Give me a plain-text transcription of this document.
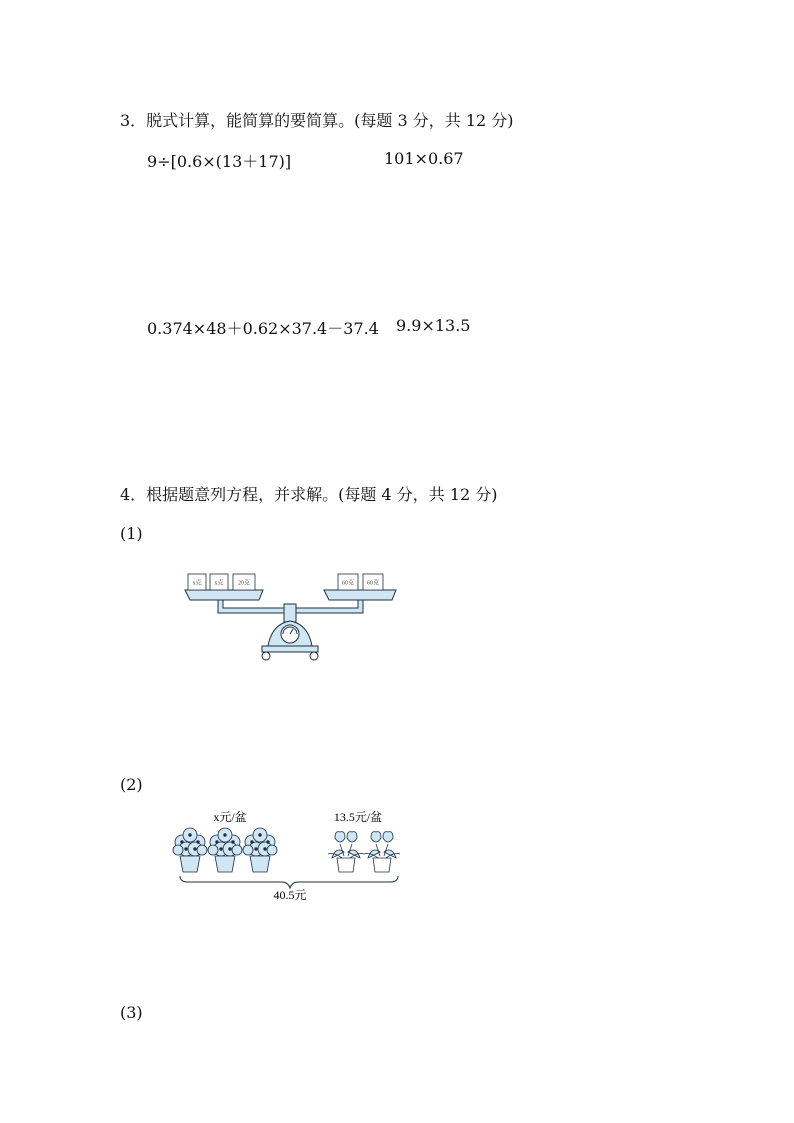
3．脱式计算，能简算的要简算。(每题 3 分，共 12 分)
9÷[0.6×(13＋17)]	101×0.67
0.374×48＋0.62×37.4－37.4 9.9×13.5
4．根据题意列方程，并求解。(每题 4 分，共 12 分)
(1)
x克 x克 20克	60克 60克
(2)
x元/盆	13.5元/盆
40.5元
(3)
